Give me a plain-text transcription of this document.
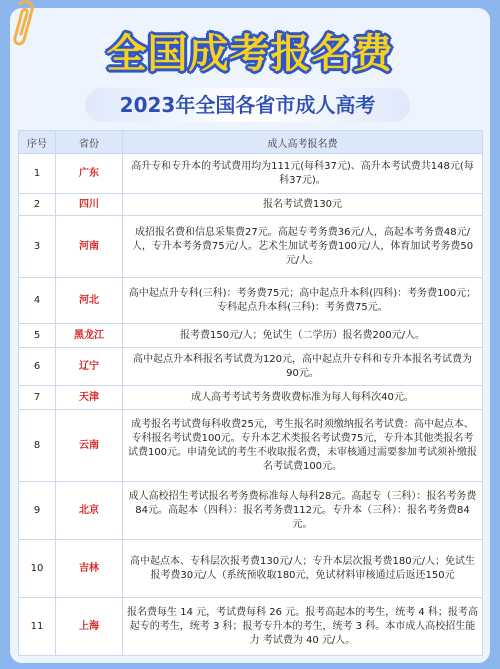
全国成考报名费
2023年全国各省市成人高考
序号	省份	成人高考报名费
1	广东	高升专和专升本的考试费用均为111元(每科37元)、高升本考试费共148元(每科37元)。
2	四川	报名考试费130元
3	河南	成招报名费和信息采集费27元。高起专考务费36元/人，高起本考务费48元/人，专升本考务费75元/人。艺术生加试考务费100元/人，体育加试考务费50元/人。
4	河北	高中起点升专科(三科)：考务费75元；高中起点升本科(四科)：考务费100元；专科起点升本科(三科)：考务费75元。
5	黑龙江	报考费150元/人；免试生（二学历）报名费200元/人。
6	辽宁	高中起点升本科报名考试费为120元，高中起点升专科和专升本报名考试费为90元。
7	天津	成人高考考试考务费收费标准为每人每科次40元。
8	云南	成考报名考试费每科收费25元，考生报名时须缴纳报名考试费：高中起点本、专科报名考试费100元。专升本艺术类报名考试费75元，专升本其他类报名考试费100元。申请免试的考生不收取报名费，未审核通过需要参加考试须补缴报名考试费100元。
9	北京	成人高校招生考试报名考务费标准每人每科28元。高起专（三科）：报名考务费84元。高起本（四科）：报名考务费112元。专升本（三科）：报名考务费84元。
10	吉林	高中起点本、专科层次报考费130元/人；专升本层次报考费180元/人；免试生报考费30元/人（系统预收取180元，免试材料审核通过后返还150元
11	上海	报名费每生 14 元，考试费每科 26 元。报考高起本的考生，统考 4 科；报考高起专的考生，统考 3 科；报考专升本的考生，统考 3 科。本市成人高校招生能力 考试费为 40 元/人。
